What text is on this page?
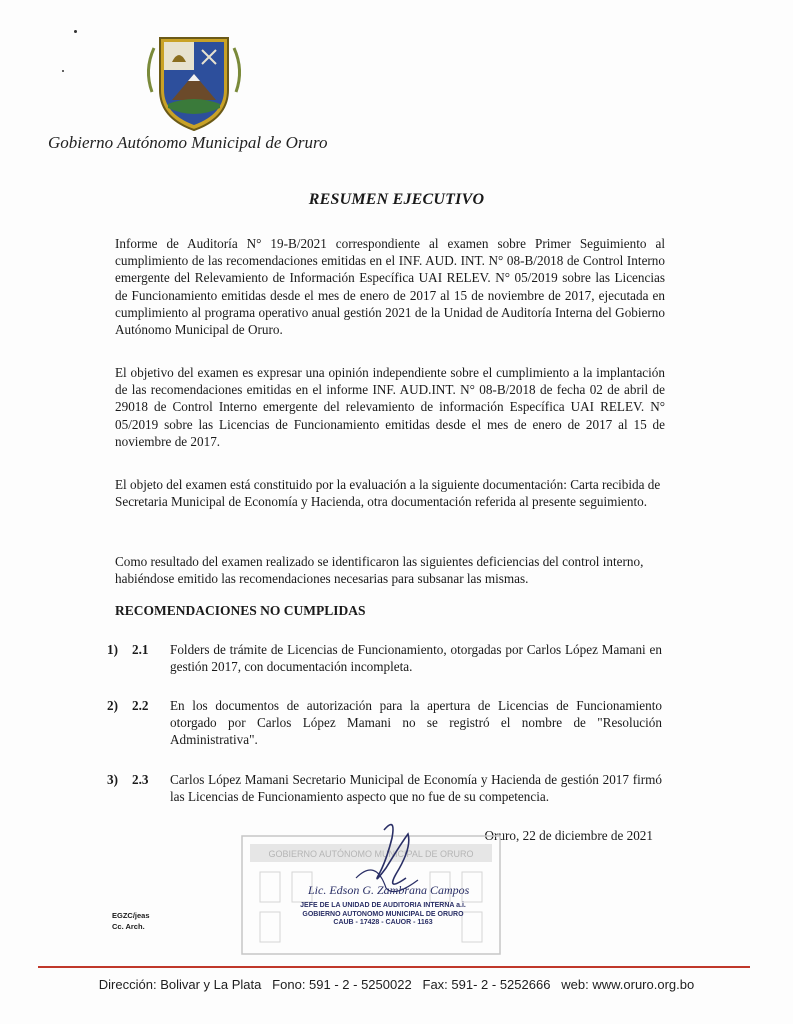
Gobierno Autónomo Municipal de Oruro
RESUMEN EJECUTIVO

Informe de Auditoría N° 19-B/2021 correspondiente al examen sobre Primer Seguimiento al cumplimiento de las recomendaciones emitidas en el INF. AUD. INT. N° 08-B/2018 de Control Interno emergente del Relevamiento de Información Específica UAI RELEV. N° 05/2019 sobre las Licencias de Funcionamiento emitidas desde el mes de enero de 2017 al 15 de noviembre de 2017, ejecutada en cumplimiento al programa operativo anual gestión 2021 de la Unidad de Auditoría Interna del Gobierno Autónomo Municipal de Oruro.

El objetivo del examen es expresar una opinión independiente sobre el cumplimiento a la implantación de las recomendaciones emitidas en el informe INF. AUD.INT. N° 08-B/2018 de fecha 02 de abril de 29018 de Control Interno emergente del relevamiento de información Específica UAI RELEV. N° 05/2019 sobre las Licencias de Funcionamiento emitidas desde el mes de enero de 2017 al 15 de noviembre de 2017.

El objeto del examen está constituido por la evaluación a la siguiente documentación: Carta recibida de Secretaria Municipal de Economía y Hacienda, otra documentación referida al presente seguimiento.

Como resultado del examen realizado se identificaron las siguientes deficiencias del control interno, habiéndose emitido las recomendaciones necesarias para subsanar las mismas.

RECOMENDACIONES NO CUMPLIDAS
1) 2.1 Folders de trámite de Licencias de Funcionamiento, otorgadas por Carlos López Mamani en gestión 2017, con documentación incompleta.

2) 2.2 En los documentos de autorización para la apertura de Licencias de Funcionamiento otorgado por Carlos López Mamani no se registró el nombre de "Resolución Administrativa".

3) 2.3 Carlos López Mamani Secretario Municipal de Economía y Hacienda de gestión 2017 firmó las Licencias de Funcionamiento aspecto que no fue de su competencia.

Oruro, 22 de diciembre de 2021
GOBIERNO AUTÓNOMO MUNICIPAL DE ORURO
Lic. Edson G. Zambrana Campos
JEFE DE LA UNIDAD DE AUDITORIA INTERNA a.i.
GOBIERNO AUTONOMO MUNICIPAL DE ORURO
CAUB - 17428 - CAUOR - 1163
EGZC/jeas
Cc. Arch.
Dirección: Bolivar y La Plata   Fono: 591 - 2 - 5250022   Fax: 591- 2 - 5252666   web: www.oruro.org.bo
